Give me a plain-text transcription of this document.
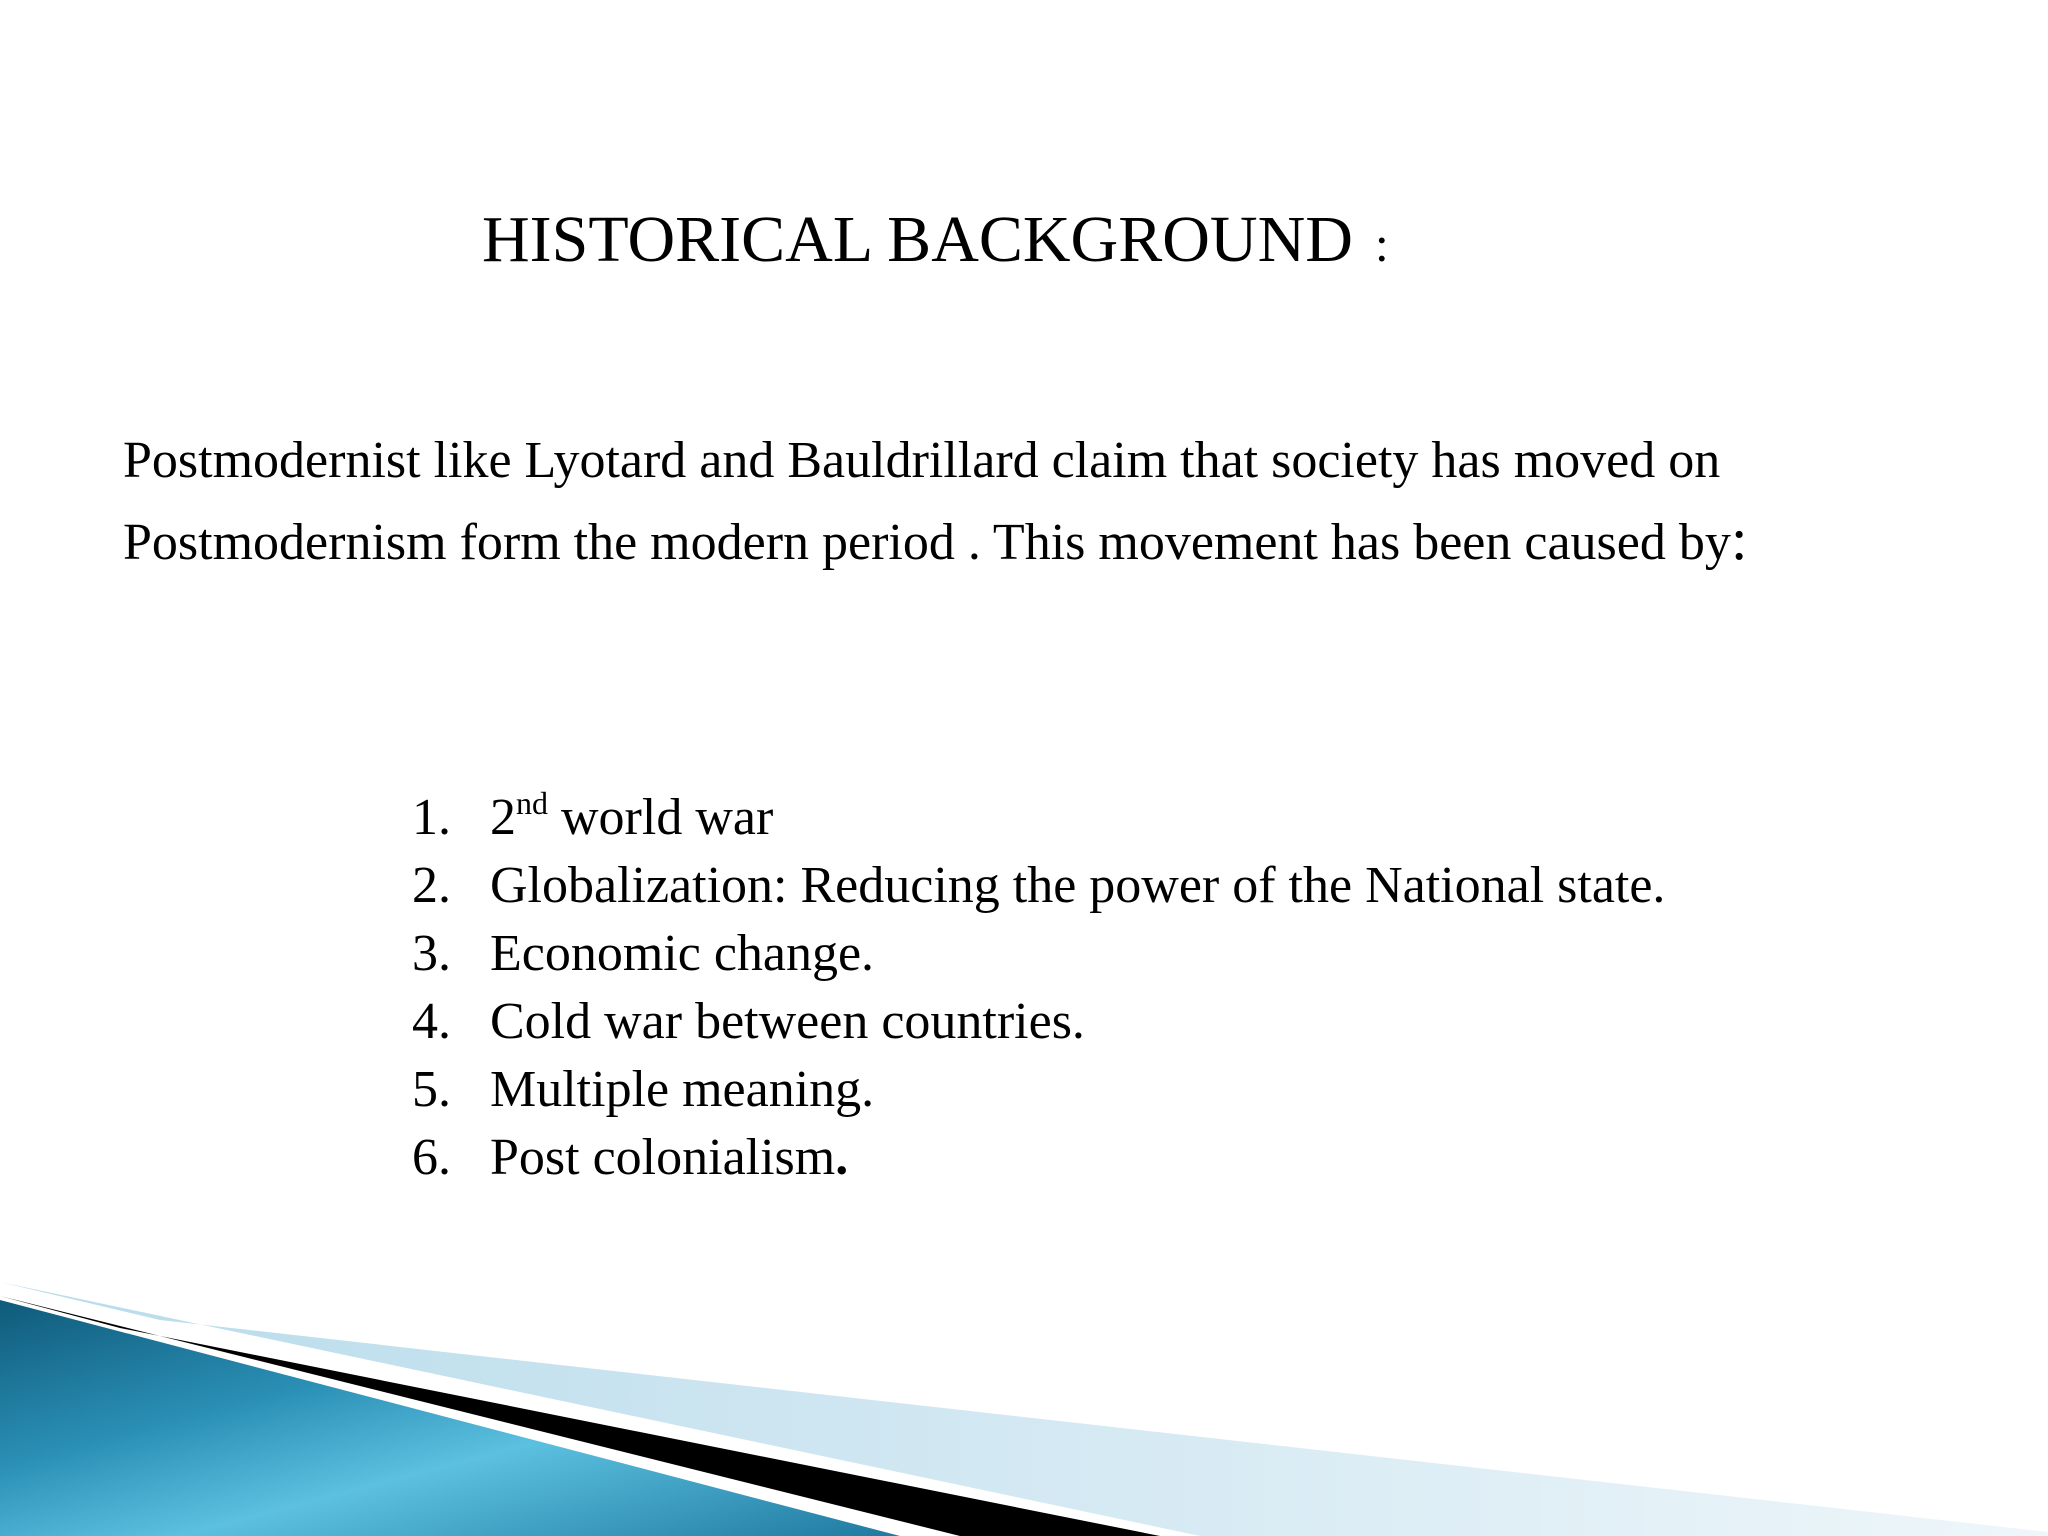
HISTORICAL BACKGROUND :
Postmodernist like Lyotard and Bauldrillard claim that society has moved on
Postmodernism form the modern period . This movement has been caused by:
1. 2nd world war
2. Globalization: Reducing the power of the National state.
3. Economic change.
4. Cold war between countries.
5. Multiple meaning.
6. Post colonialism.
